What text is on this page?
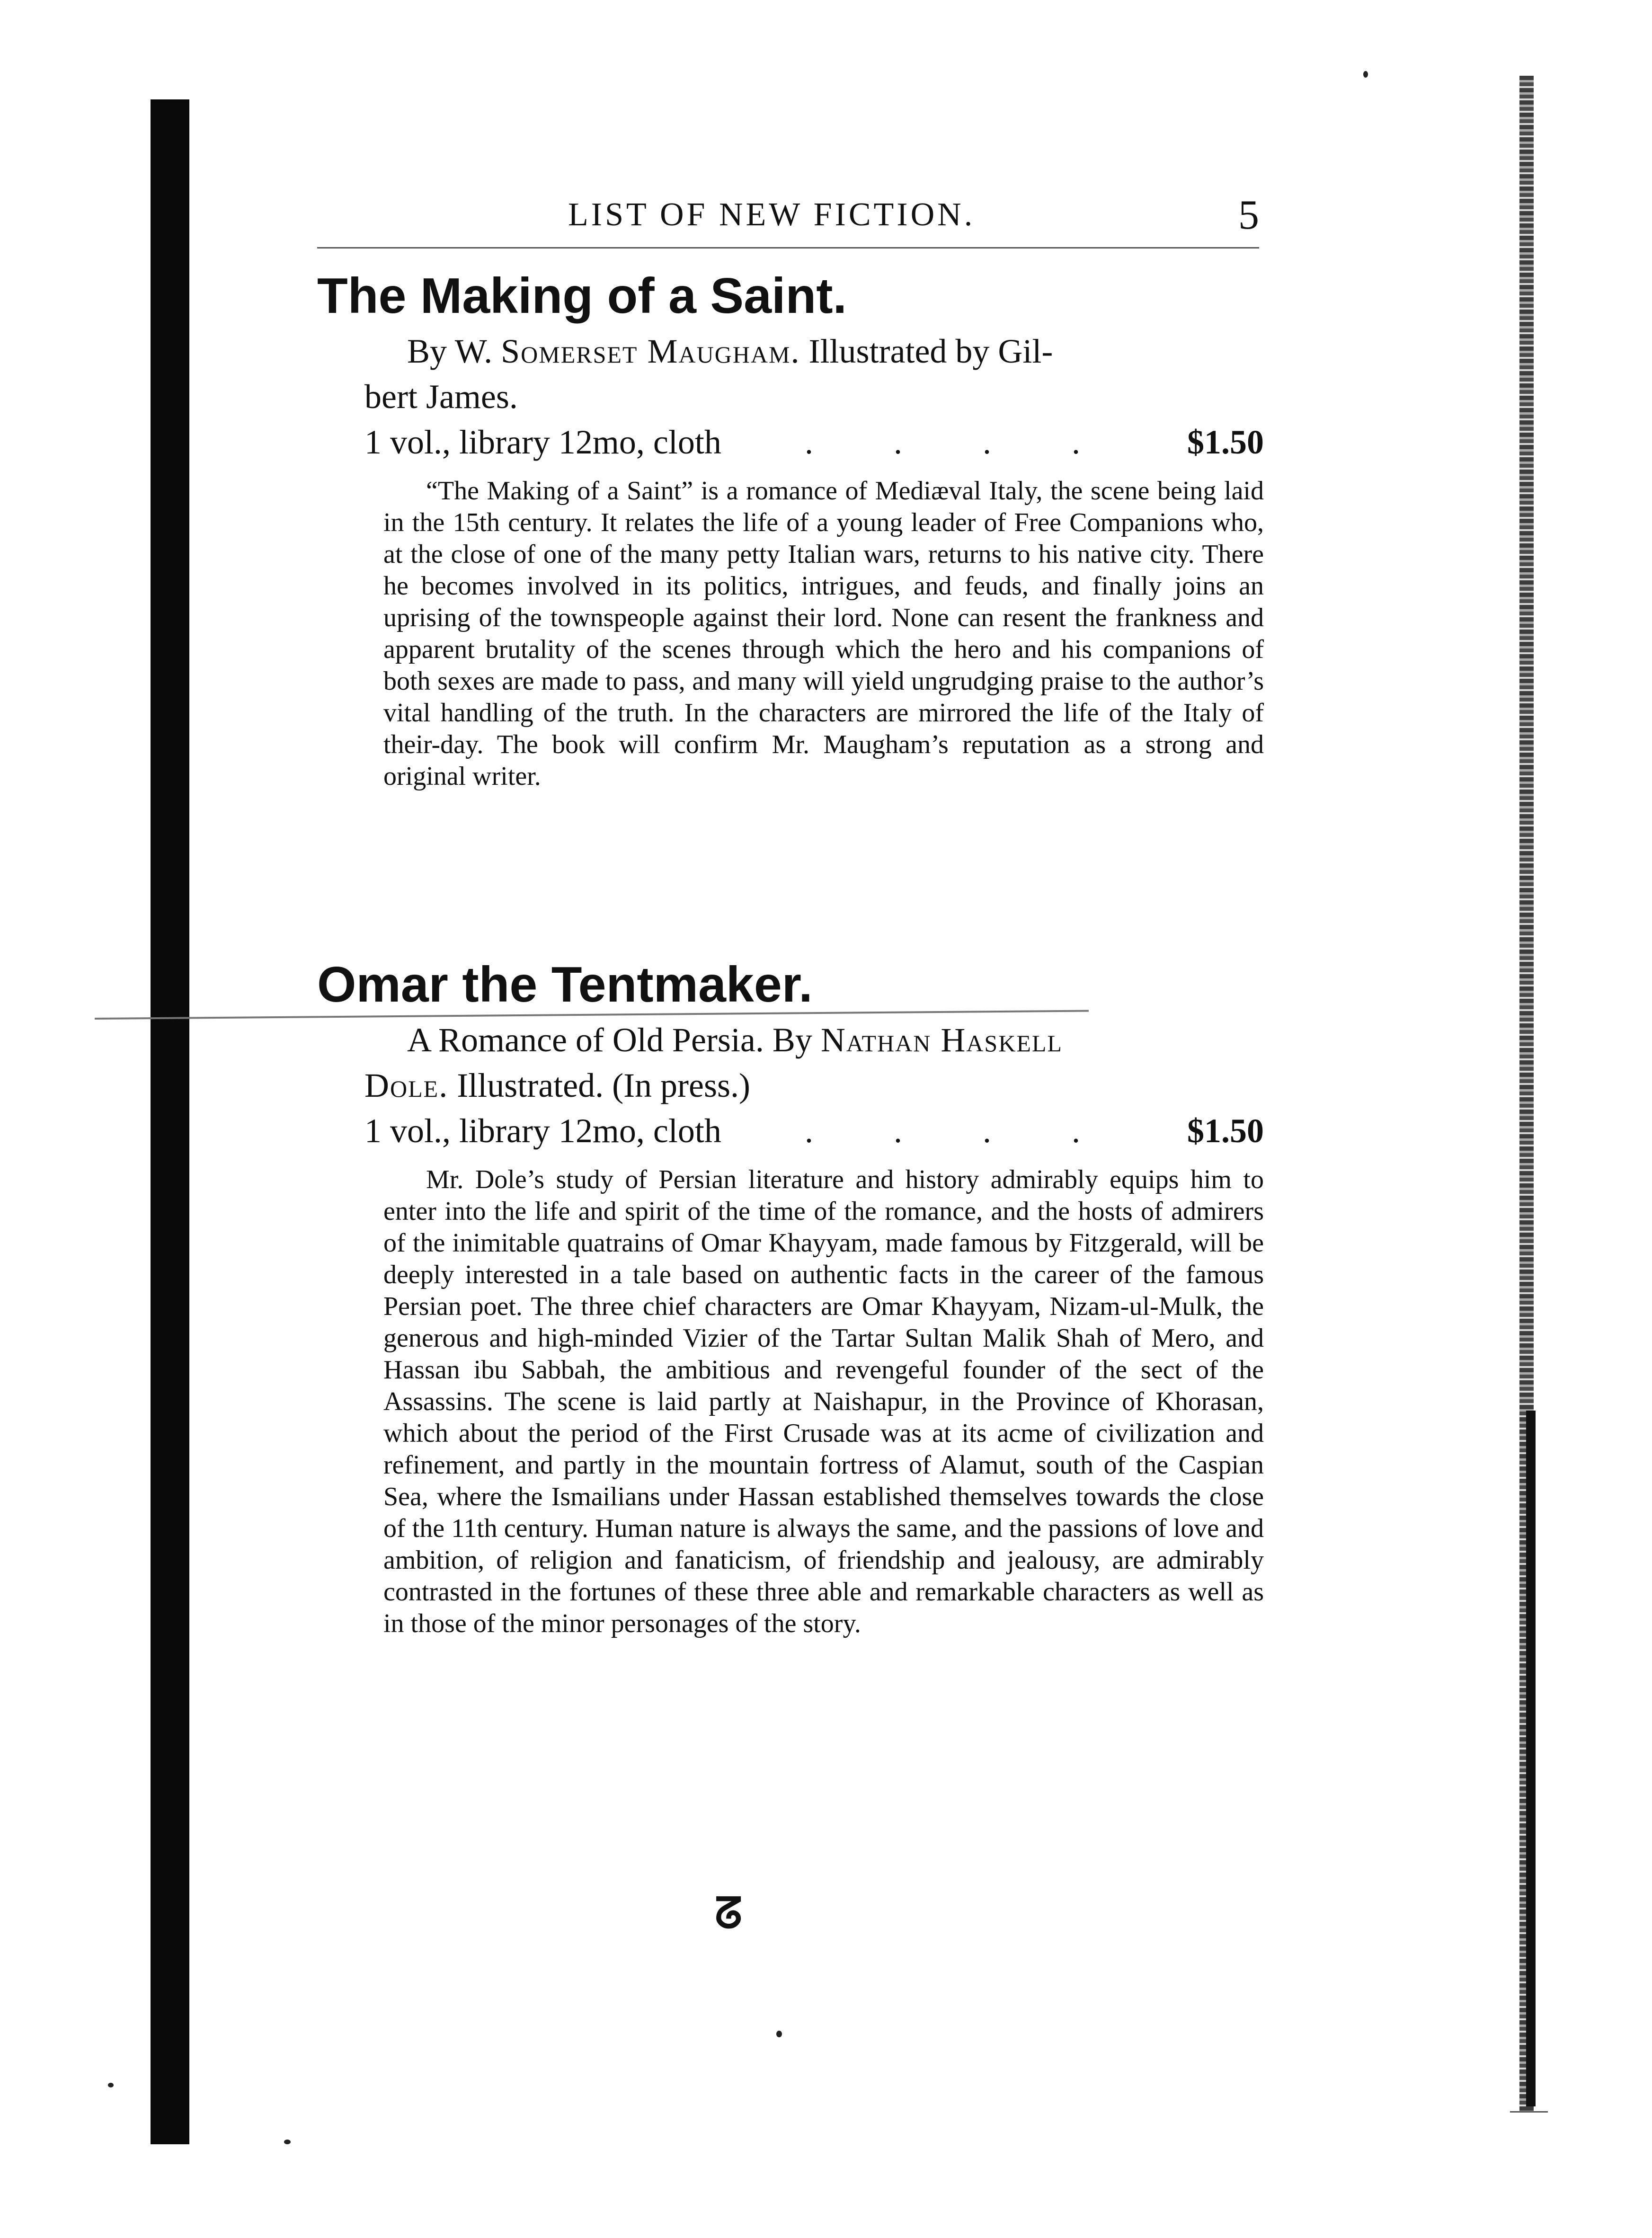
LIST OF NEW FICTION.	5
The Making of a Saint.
By W. Somerset Maugham. Illustrated by Gil-
bert James.
1 vol., library 12mo, cloth . . . . $1.50

“The Making of a Saint” is a romance of Mediæval Italy, the scene being laid in the 15th century. It relates the life of a young leader of Free Companions who, at the close of one of the many petty Italian wars, returns to his native city. There he becomes involved in its politics, intrigues, and feuds, and finally joins an uprising of the townspeople against their lord. None can resent the frankness and apparent brutality of the scenes through which the hero and his companions of both sexes are made to pass, and many will yield ungrudging praise to the author’s vital handling of the truth. In the characters are mirrored the life of the Italy of their-day. The book will confirm Mr. Maugham’s reputation as a strong and original writer.

Omar the Tentmaker.
A Romance of Old Persia. By Nathan Haskell
Dole. Illustrated. (In press.)
1 vol., library 12mo, cloth . . . . $1.50

Mr. Dole’s study of Persian literature and history admirably equips him to enter into the life and spirit of the time of the romance, and the hosts of admirers of the inimitable quatrains of Omar Khayyam, made famous by Fitzgerald, will be deeply interested in a tale based on authentic facts in the career of the famous Persian poet. The three chief characters are Omar Khayyam, Nizam-ul-Mulk, the generous and high-minded Vizier of the Tartar Sultan Malik Shah of Mero, and Hassan ibu Sabbah, the ambitious and revengeful founder of the sect of the Assassins. The scene is laid partly at Naishapur, in the Province of Khorasan, which about the period of the First Crusade was at its acme of civilization and refinement, and partly in the mountain fortress of Alamut, south of the Caspian Sea, where the Ismailians under Hassan established themselves towards the close of the 11th century. Human nature is always the same, and the passions of love and ambition, of religion and fanaticism, of friendship and jealousy, are admirably contrasted in the fortunes of these three able and remarkable characters as well as in those of the minor personages of the story.

ᘔ
